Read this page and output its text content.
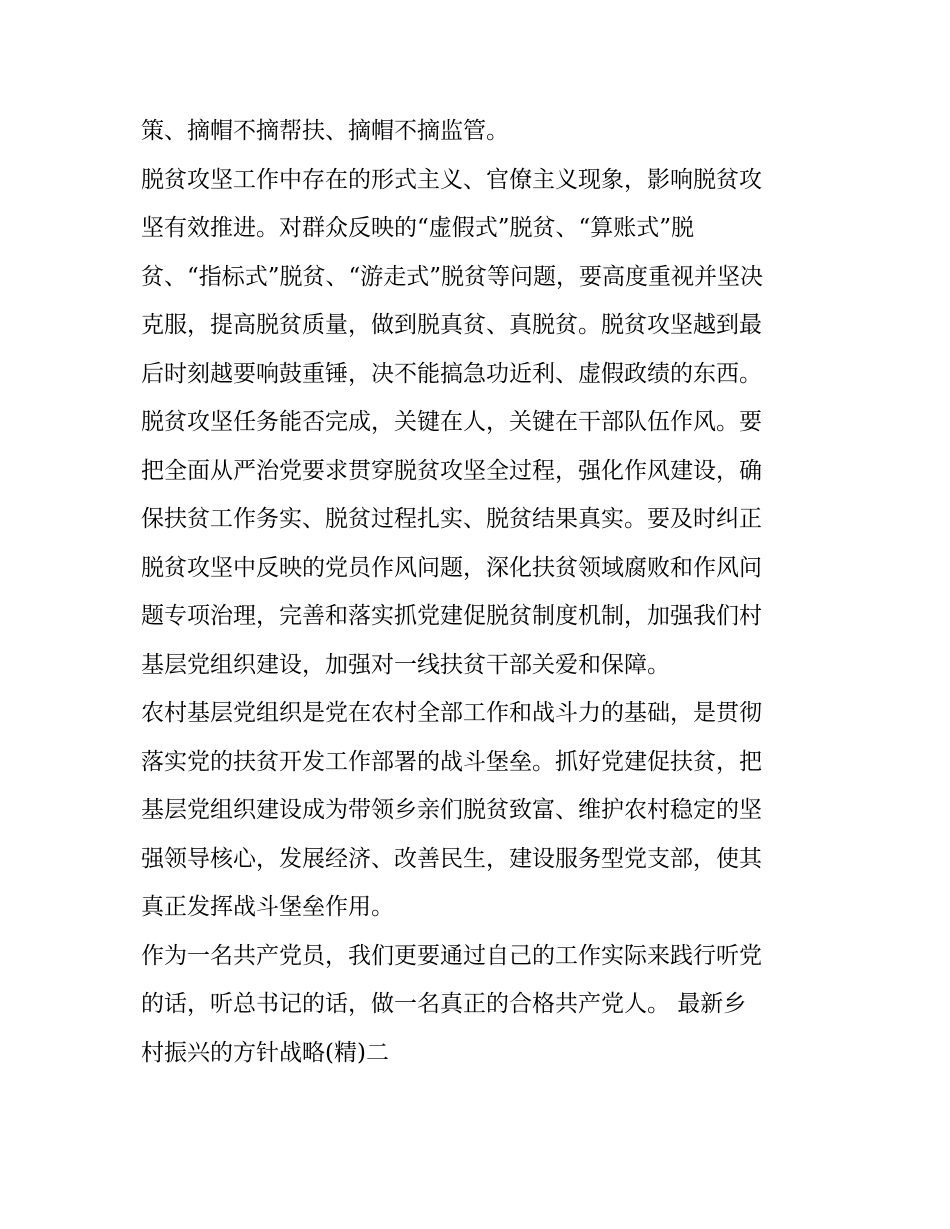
策、摘帽不摘帮扶、摘帽不摘监管。
脱贫攻坚工作中存在的形式主义、官僚主义现象，影响脱贫攻
坚有效推进。对群众反映的“虚假式”脱贫、“算账式”脱
贫、“指标式”脱贫、“游走式”脱贫等问题，要高度重视并坚决
克服，提高脱贫质量，做到脱真贫、真脱贫。脱贫攻坚越到最
后时刻越要响鼓重锤，决不能搞急功近利、虚假政绩的东西。
脱贫攻坚任务能否完成，关键在人，关键在干部队伍作风。要
把全面从严治党要求贯穿脱贫攻坚全过程，强化作风建设，确
保扶贫工作务实、脱贫过程扎实、脱贫结果真实。要及时纠正
脱贫攻坚中反映的党员作风问题，深化扶贫领域腐败和作风问
题专项治理，完善和落实抓党建促脱贫制度机制，加强我们村
基层党组织建设，加强对一线扶贫干部关爱和保障。
农村基层党组织是党在农村全部工作和战斗力的基础，是贯彻
落实党的扶贫开发工作部署的战斗堡垒。抓好党建促扶贫，把
基层党组织建设成为带领乡亲们脱贫致富、维护农村稳定的坚
强领导核心，发展经济、改善民生，建设服务型党支部，使其
真正发挥战斗堡垒作用。
作为一名共产党员，我们更要通过自己的工作实际来践行听党
的话，听总书记的话，做一名真正的合格共产党人。 最新乡
村振兴的方针战略(精)二
